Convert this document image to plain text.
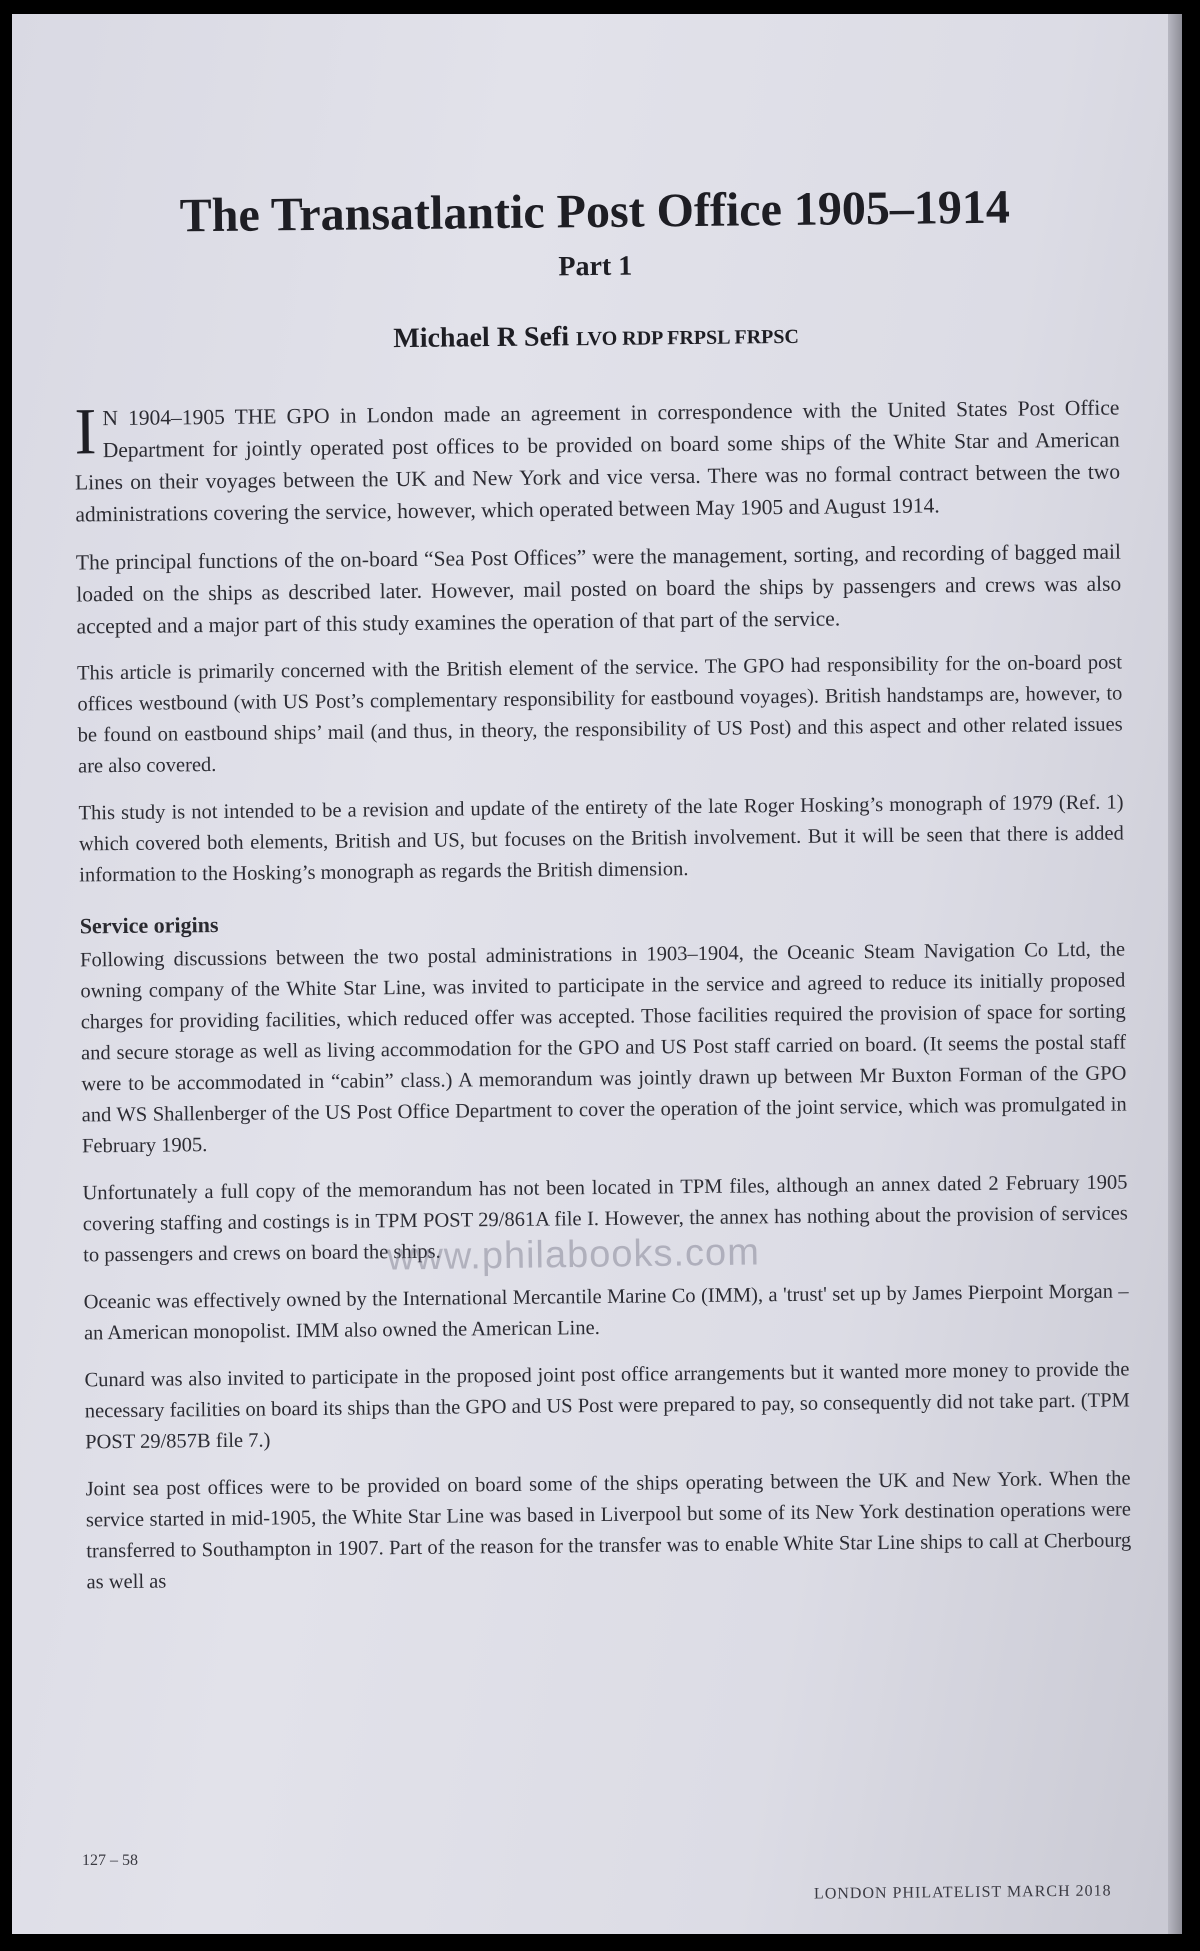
The Transatlantic Post Office 1905–1914
Part 1
Michael R Sefi LVO RDP FRPSL FRPSC

I N 1904–1905 THE GPO in London made an agreement in correspondence with the United States Post Office Department for jointly operated post offices to be provided on board some ships of the White Star and American Lines on their voyages between the UK and New York and vice versa. There was no formal contract between the two administrations covering the service, however, which operated between May 1905 and August 1914.

The principal functions of the on-board “Sea Post Offices” were the management, sorting, and recording of bagged mail loaded on the ships as described later. However, mail posted on board the ships by passengers and crews was also accepted and a major part of this study examines the operation of that part of the service.

This article is primarily concerned with the British element of the service. The GPO had responsibility for the on-board post offices westbound (with US Post’s complementary responsibility for eastbound voyages). British handstamps are, however, to be found on eastbound ships’ mail (and thus, in theory, the responsibility of US Post) and this aspect and other related issues are also covered.

This study is not intended to be a revision and update of the entirety of the late Roger Hosking’s monograph of 1979 (Ref. 1) which covered both elements, British and US, but focuses on the British involvement. But it will be seen that there is added information to the Hosking’s monograph as regards the British dimension.

Service origins

Following discussions between the two postal administrations in 1903–1904, the Oceanic Steam Navigation Co Ltd, the owning company of the White Star Line, was invited to participate in the service and agreed to reduce its initially proposed charges for providing facilities, which reduced offer was accepted. Those facilities required the provision of space for sorting and secure storage as well as living accommodation for the GPO and US Post staff carried on board. (It seems the postal staff were to be accommodated in “cabin” class.) A memorandum was jointly drawn up between Mr Buxton Forman of the GPO and WS Shallenberger of the US Post Office Department to cover the operation of the joint service, which was promulgated in February 1905.

Unfortunately a full copy of the memorandum has not been located in TPM files, although an annex dated 2 February 1905 covering staffing and costings is in TPM POST 29/861A file I. However, the annex has nothing about the provision of services to passengers and crews on board the ships.

Oceanic was effectively owned by the International Mercantile Marine Co (IMM), a 'trust' set up by James Pierpoint Morgan – an American monopolist. IMM also owned the American Line.

Cunard was also invited to participate in the proposed joint post office arrangements but it wanted more money to provide the necessary facilities on board its ships than the GPO and US Post were prepared to pay, so consequently did not take part. (TPM POST 29/857B file 7.)

Joint sea post offices were to be provided on board some of the ships operating between the UK and New York. When the service started in mid-1905, the White Star Line was based in Liverpool but some of its New York destination operations were transferred to Southampton in 1907. Part of the reason for the transfer was to enable White Star Line ships to call at Cherbourg as well as

www.philabooks.com
127 – 58
LONDON PHILATELIST MARCH 2018
